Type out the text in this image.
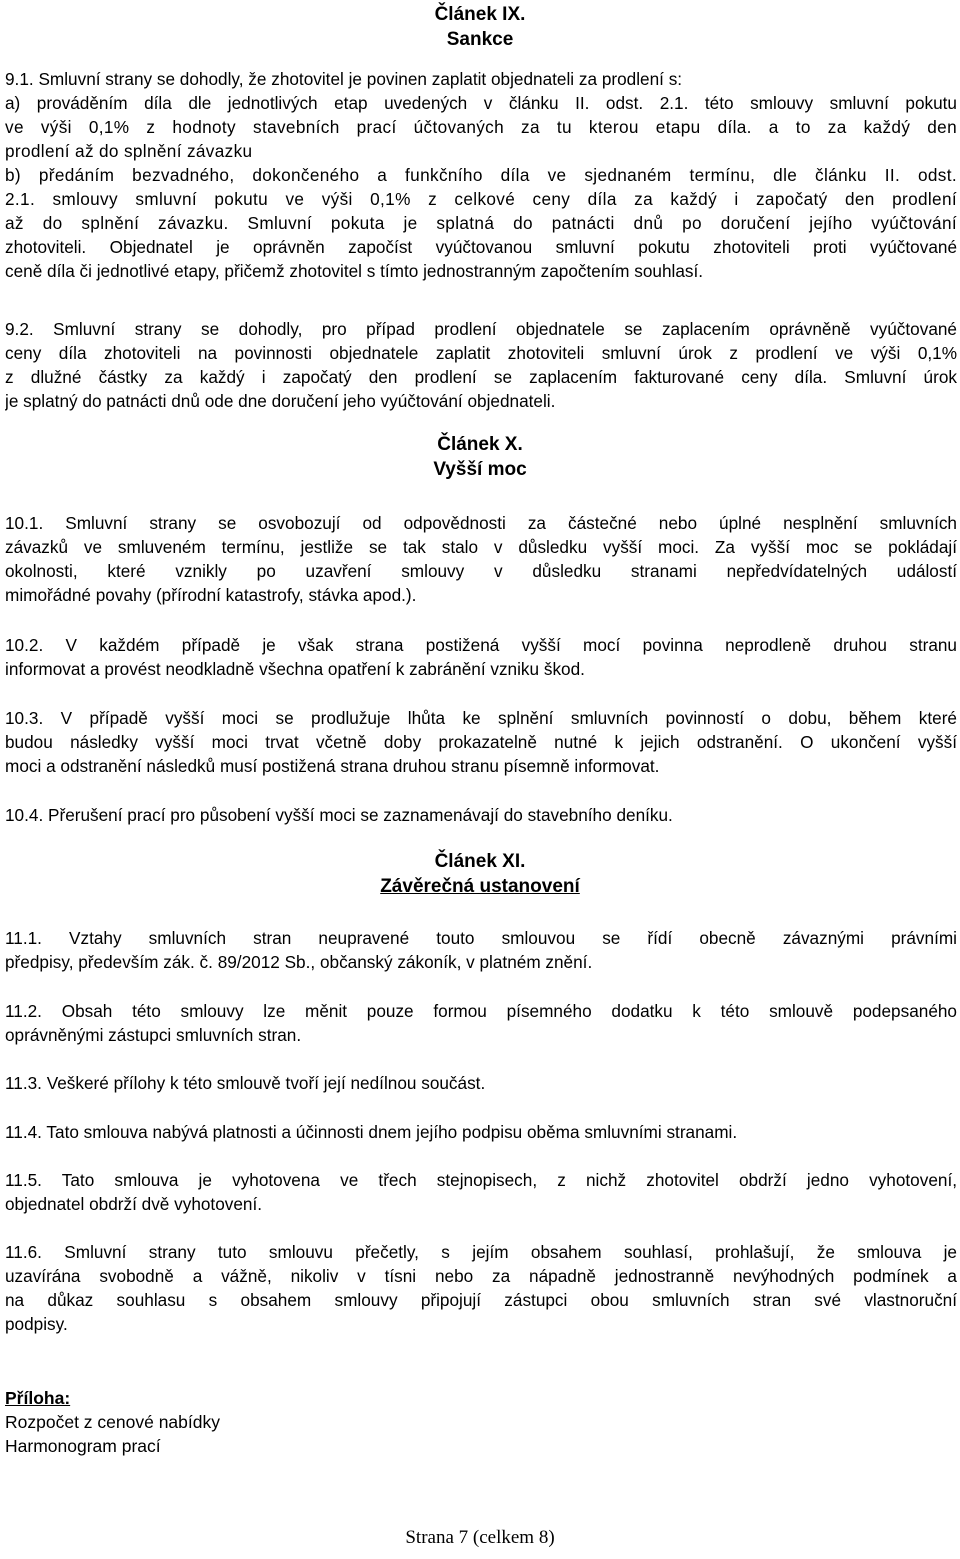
Článek IX.
Sankce
9.1. Smluvní strany se dohodly, že zhotovitel je povinen zaplatit objednateli za prodlení s:
a) prováděním díla dle jednotlivých etap uvedených v článku II. odst. 2.1. této smlouvy smluvní pokutu
ve výši 0,1% z hodnoty stavebních prací účtovaných za tu kterou etapu díla. a to za každý den
prodlení až do splnění závazku
b) předáním bezvadného, dokončeného a funkčního díla ve sjednaném termínu, dle článku II. odst.
2.1. smlouvy smluvní pokutu ve výši 0,1% z celkové ceny díla za každý i započatý den prodlení
až do splnění závazku. Smluvní pokuta je splatná do patnácti dnů po doručení jejího vyúčtování
zhotoviteli. Objednatel je oprávněn započíst vyúčtovanou smluvní pokutu zhotoviteli proti vyúčtované
ceně díla či jednotlivé etapy, přičemž zhotovitel s tímto jednostranným započtením souhlasí.
9.2. Smluvní strany se dohodly, pro případ prodlení objednatele se zaplacením oprávněně vyúčtované
ceny díla zhotoviteli na povinnosti objednatele zaplatit zhotoviteli smluvní úrok z prodlení ve výši 0,1%
z dlužné částky za každý i započatý den prodlení se zaplacením fakturované ceny díla. Smluvní úrok
je splatný do patnácti dnů ode dne doručení jeho vyúčtování objednateli.
Článek X.
Vyšší moc
10.1. Smluvní strany se osvobozují od odpovědnosti za částečné nebo úplné nesplnění smluvních
závazků ve smluveném termínu, jestliže se tak stalo v důsledku vyšší moci. Za vyšší moc se pokládají
okolnosti, které vznikly po uzavření smlouvy v důsledku stranami nepředvídatelných událostí
mimořádné povahy (přírodní katastrofy, stávka apod.).
10.2. V každém případě je však strana postižená vyšší mocí povinna neprodleně druhou stranu
informovat a provést neodkladně všechna opatření k zabránění vzniku škod.
10.3. V případě vyšší moci se prodlužuje lhůta ke splnění smluvních povinností o dobu, během které
budou následky vyšší moci trvat včetně doby prokazatelně nutné k jejich odstranění. O ukončení vyšší
moci a odstranění následků musí postižená strana druhou stranu písemně informovat.
10.4. Přerušení prací pro působení vyšší moci se zaznamenávají do stavebního deníku.
Článek XI.
Závěrečná ustanovení
11.1. Vztahy smluvních stran neupravené touto smlouvou se řídí obecně závaznými právními
předpisy, především zák. č. 89/2012 Sb., občanský zákoník, v platném znění.
11.2. Obsah této smlouvy lze měnit pouze formou písemného dodatku k této smlouvě podepsaného
oprávněnými zástupci smluvních stran.
11.3. Veškeré přílohy k této smlouvě tvoří její nedílnou součást.
11.4. Tato smlouva nabývá platnosti a účinnosti dnem jejího podpisu oběma smluvními stranami.
11.5. Tato smlouva je vyhotovena ve třech stejnopisech, z nichž zhotovitel obdrží jedno vyhotovení,
objednatel obdrží dvě vyhotovení.
11.6. Smluvní strany tuto smlouvu přečetly, s jejím obsahem souhlasí, prohlašují, že smlouva je
uzavírána svobodně a vážně, nikoliv v tísni nebo za nápadně jednostranně nevýhodných podmínek a
na důkaz souhlasu s obsahem smlouvy připojují zástupci obou smluvních stran své vlastnoruční
podpisy.
Příloha:
Rozpočet z cenové nabídky
Harmonogram prací
Strana 7 (celkem 8)
